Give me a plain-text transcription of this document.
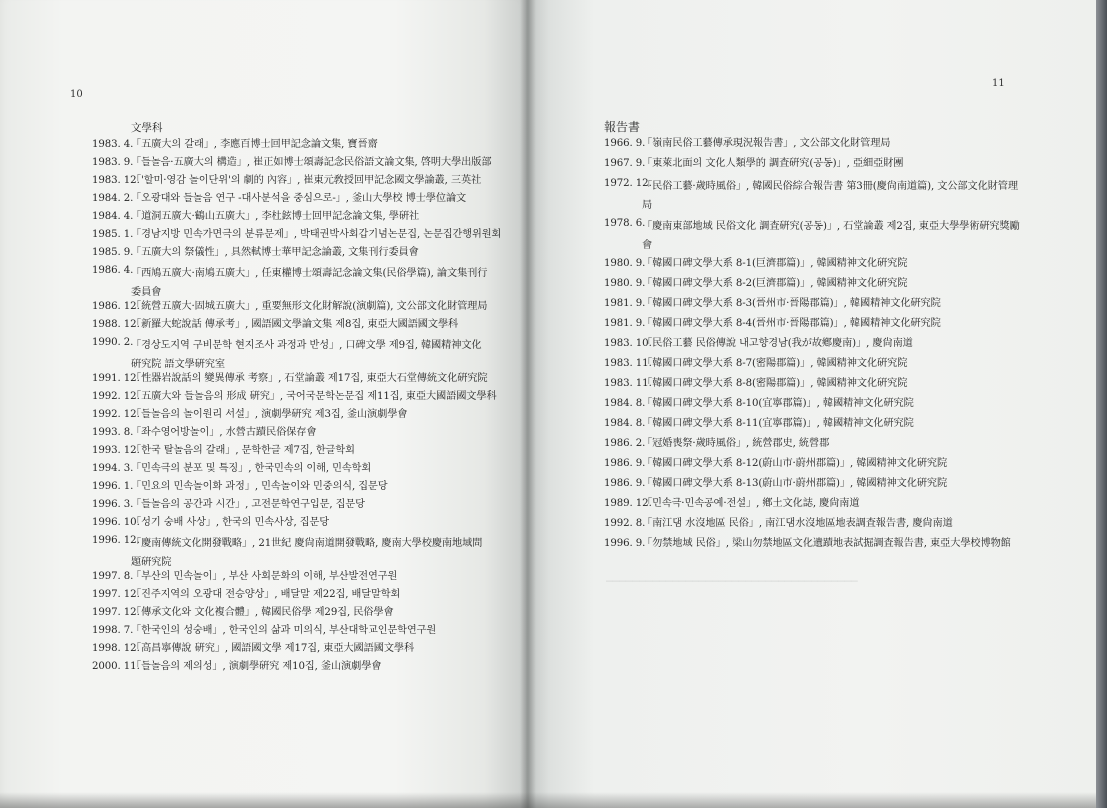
10
文學科
1983. 4.
「五廣大의 갈래」, 李應百博士回甲記念論文集, 寶晉齋
1983. 9.
「들놀음·五廣大의 構造」, 崔正如博士頌壽記念民俗語文論文集, 啓明大學出版部
1983. 12.
「'할미·영감 놀이단위'의 劇的 內容」, 崔東元敎授回甲記念國文學論叢, 三英社
1984. 2.
「오광대와 들놀음 연구 -대사분석을 중심으로-」, 釜山大學校 博士學位論文
1984. 4.
「道洞五廣大·鶴山五廣大」, 李杜鉉博士回甲記念論文集, 學硏社
1985. 1.
「경남지방 민속가면극의 분류문제」, 박태권박사회갑기념논문집, 논문집간행위원회
1985. 9.
「五廣大의 祭儀性」, 具然軾博士華甲記念論叢, 文集刊行委員會
1986. 4.
「西鳩五廣大·南鳩五廣大」, 任東權博士頌壽記念論文集(民俗學篇), 論文集刊行委員會
1986. 12.
「統營五廣大·固城五廣大」, 重要無形文化財解說(演劇篇), 文公部文化財管理局
1988. 12.
「新羅大蛇說話 傳承考」, 國語國文學論文集 제8집, 東亞大國語國文學科
1990. 2.
「경상도지역 구비문학 현지조사 과정과 반성」, 口碑文學 제9집, 韓國精神文化硏究院 語文學硏究室
1991. 12.
「性器岩說話의 變異傳承 考察」, 石堂論叢 제17집, 東亞大石堂傳統文化硏究院
1992. 12.
「五廣大와 들놀음의 形成 硏究」, 국어국문학논문집 제11집, 東亞大國語國文學科
1992. 12.
「들놀음의 놀이원리 서설」, 演劇學硏究 제3집, 釜山演劇學會
1993. 8.
「좌수영어방놀이」, 水營古蹟民俗保存會
1993. 12.
「한국 탈놀음의 갈래」, 문학한글 제7집, 한글학회
1994. 3.
「민속극의 분포 및 특징」, 한국민속의 이해, 민속학회
1996. 1.
「민요의 민속놀이화 과정」, 민속놀이와 민중의식, 집문당
1996. 3.
「들놀음의 공간과 시간」, 고전문학연구입문, 집문당
1996. 10.
「성기 숭배 사상」, 한국의 민속사상, 집문당
1996. 12.
「慶南傳統文化開發戰略」, 21世紀 慶尙南道開發戰略, 慶南大學校慶南地域問題硏究院
1997. 8.
「부산의 민속놀이」, 부산 사회문화의 이해, 부산발전연구원
1997. 12.
「진주지역의 오광대 전승양상」, 배달말 제22집, 배달말학회
1997. 12.
「傳承文化와 文化複合體」, 韓國民俗學 제29집, 民俗學會
1998. 7.
「한국인의 성숭배」, 한국인의 삶과 미의식, 부산대학교인문학연구원
1998. 12.
「高昌寧傳說 硏究」, 國語國文學 제17집, 東亞大國語國文學科
2000. 11.
「들놀음의 제의성」, 演劇學硏究 제10집, 釜山演劇學會
──────────────────────────────────────
11
報告書
1966. 9.
「嶺南民俗工藝傳承現況報告書」, 文公部文化財管理局
1967. 9.
「東萊北面의 文化人類學的 調査硏究(공동)」, 亞細亞財團
1972. 12.
「民俗工藝·歲時風俗」, 韓國民俗綜合報告書 第3冊(慶尙南道篇), 文公部文化財管理局
1978. 6.
「慶南東部地域 民俗文化 調査硏究(공동)」, 石堂論叢 제2집, 東亞大學學術硏究獎勵會
1980. 9.
「韓國口碑文學大系 8-1(巨濟郡篇)」, 韓國精神文化硏究院
1980. 9.
「韓國口碑文學大系 8-2(巨濟郡篇)」, 韓國精神文化硏究院
1981. 9.
「韓國口碑文學大系 8-3(晉州市·晉陽郡篇)」, 韓國精神文化硏究院
1981. 9.
「韓國口碑文學大系 8-4(晉州市·晉陽郡篇)」, 韓國精神文化硏究院
1983. 10.
「民俗工藝 民俗傳說 내고향경남(我が故鄕慶南)」, 慶尙南道
1983. 11.
「韓國口碑文學大系 8-7(密陽郡篇)」, 韓國精神文化硏究院
1983. 11.
「韓國口碑文學大系 8-8(密陽郡篇)」, 韓國精神文化硏究院
1984. 8.
「韓國口碑文學大系 8-10(宜寧郡篇)」, 韓國精神文化硏究院
1984. 8.
「韓國口碑文學大系 8-11(宜寧郡篇)」, 韓國精神文化硏究院
1986. 2.
「冠婚喪祭·歲時風俗」, 統營郡史, 統營郡
1986. 9.
「韓國口碑文學大系 8-12(蔚山市·蔚州郡篇)」, 韓國精神文化硏究院
1986. 9.
「韓國口碑文學大系 8-13(蔚山市·蔚州郡篇)」, 韓國精神文化硏究院
1989. 12.
「민속극·민속공예·전설」, 鄕土文化誌, 慶尙南道
1992. 8.
「南江댐 水沒地區 民俗」, 南江댐水沒地區地表調査報告書, 慶尙南道
1996. 9.
「勿禁地域 民俗」, 梁山勿禁地區文化遺蹟地表試掘調査報告書, 東亞大學校博物館
